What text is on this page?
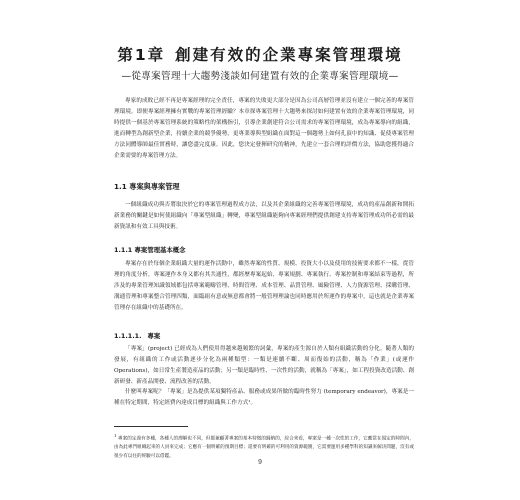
第1章 創建有效的企業專案管理環境
—從專案管理十大趨勢淺談如何建置有效的企業專案管理環境—
專家的成敗已經不再是專案經理的完全責任，專案的失敗更大部分是因為公司高層管理並沒有建立一個完善的專案管理環境。即便專案經理擁有實戰的專案管理經驗？本章探專案管理十大趨勢來探討如何建置有效的企業專案管理環境，同時提供一個基於專案管理系統的策略性的架構指引，引導企業創建符合公司需求的專案管理環境，成為專案導向的組織，進而轉型為創新型企業，持續企業的競爭優勢，更專業導與型組織在面對這一個趨勢上如何孔頂中的知識、促使專案管理方法同體導師最佳實務時，讓您盡完度康。因此，您決定發揮研究的精神，先建立一套合理的評價方法，協助您獲得適合企業需要的專案管理方法。
1.1 專案與專案管理
一個組織成功與否將取決於它的專案管理過程成方法，以及其企業組織的完善專案管理環境，成功的產品創新和開拓新業務的關鍵是如何使組織向「專案型組織」轉變，專案型組織能夠向專案經理們提供創建支持專案管理成功所必需的最新資訊和有效工具與技術。
1.1.1 專案管理基本概念
專案存在於每個企業組織大量的運作活動中，雖然專案的性質、規模、投資大小以及使用的技術要求都不一樣，從管理的角度分析，專案運作本身又都有其共通性，都經歷專案起始、專案規劃、專案執行、專案控制和專案結束等過程，所涉及的專業管理知識領域都包括專案範疇管理、時間管理、成本管理、品質管理、風險管理、人力資源管理、採購管理、溝通管理和專案整合管理四類，面臨組有意或無意都會將一般管理理論也同時應用於所運作的專案中，這也就是企業專案管理存在組織中的基礎所在。
1.1.1.1. 專案
「專案」(project) 已經成為人們使用得越來越頻繁的詞彙，專案的產生源自於人類有組織活動的分化。隨著人類的發展，有組織的工作或活動逐步分化為兩種類型：一類是連續不斷、周而復始的活動，稱為「作業」(或運作 Operations)，如日常生產製造產品的活動；另一類是臨時性、一次性的活動，就稱為「專案」，如工程投資改造活動、創新研發、新產品開發、流程改善的活動。
什麼叫專案呢？「專案」是為提供某項獨特產品、服務或成果所做的臨時性努力 (temporary endeavor)，專案是一種在特定期間，特定經費內達成目標的組織與工作方式¹。
$^1$ 專案的定義有多種，各種人的理解也不同，但都兼顧著專案的基本特徵的歸納的，綜合來看，專案是一種一次性的工作，它應當在規定的時間內，由為此專門組織起來的人員來完成；它應有一個明確的預期目標；還要有明確的可利用的資源範圍，它需要運用多種學科的知識來解決問題，沒有或很少有以往的經驗可以借鑑。
9
